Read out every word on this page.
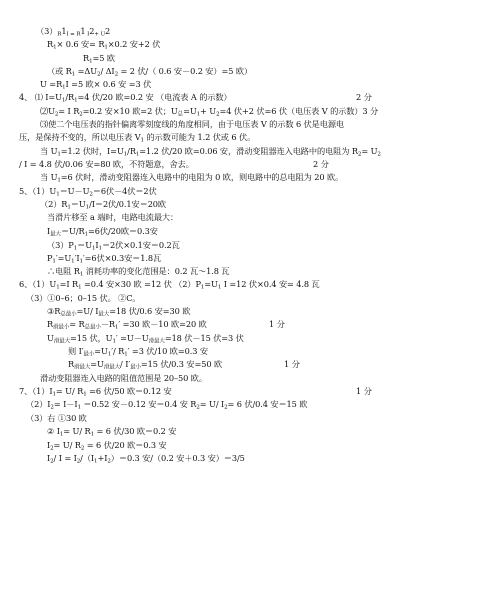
$(3)_R1_{I = R}1$ $_I2_{+ U}2$
$R_1\times 0.6$ 安= $R_1\times 0.2$ 安+2 伏
$R_1=5$ 欧
（或 $R_1 =\Delta U_2/$ $\Delta I_2 = 2$ 伏/（ 0.6 安－0.2 安）=5 欧）
$U =R_1I =5$ 欧× 0.6 安 =3 伏
4、 ⑴ $I=U_1/R_1=4$ 伏/20 欧=0.2 安 （电流表 A 的示数）
$⑵U_2= I$ $R_2=0.2$ 安×10 欧=2 伏；$U_总=U_1+ U_2=4$ 伏+2 伏=6 伏（电压表 V 的示数）3 分
⑶使二个电压表的指针偏离零刻度线的角度相同，由于电压表 V 的示数 6 伏是电源电
压，是保持不变的，所以电压表 $V_1$ 的示数可能为 1.2 伏或 6 伏。
当 $U_1=1.2$ 伏时，$I=U_1/R_1=1.2$ 伏/20 欧=0.06 安，滑动变阻器连入电路中的电阻为 $R_2= U_2$
/ I = 4.8 伏/0.06 安=80 欧，不符题意，舍去。
当 $U_1=6$ 伏时，滑动变阻器连入电路中的电阻为 0 欧，则电路中的总电阻为 20 欧。
5、$(1)U_1=U-U_2=6$伏－4伏＝2伏
$(2)R_1=U_1/I=2$伏/0.1安＝20欧
当滑片移至 a 端时，电路电流最大：
$I_{最大}=U/R_1=6$伏/20欧＝0.3安
$(3)P_1=U_1I_1=2$伏×0.1安＝0.2瓦
$P_1'=U_1'I_1'=6$伏×0.3安＝1.8瓦
∴电阻 $R_1$ 消耗功率的变化范围是：0.2 瓦～1.8 瓦
6、$(1)U_1=I$ $R_1 =0.4$ 安×30 欧 =12 伏 $(2)P_1=U_1$ I =12 伏×0.4 安= 4.8 瓦
（3）①0–6；0–15 伏。 ②C。
$③R_{总最小}=U/$ $I_{最大}=18$ 伏/0.6 安=30 欧
$R_{滑最小}= R_{总最小}-R_1' =30$ 欧－10 欧=20 欧
$U_{滑最大}=15$ 伏，$U_1' =U-U_{滑最大}=18$ 伏－15 伏=3 伏
则 $I'_{最小}=U_1'/$ $R_1' =3$ 伏/10 欧=0.3 安
$R_{滑最大}=U_{滑最大}/$ $I'_{最小}=15$ 伏/0.3 安=50 欧
滑动变阻器连入电路的阻值范围是 20–50 欧。
7、$(1)I_1= U/$ $R_1 =6$ 伏/50 欧＝0.12 安
$(2)I_2= I-I_1 =0.52$ 安－0.12 安＝0.4 安 $R_2= U/$ $I_2= 6$ 伏/0.4 安＝15 欧
（3）右 ①30 欧
② $I_1= U/$ $R_1 = 6$ 伏/30 欧＝0.2 安
$I_2= U/$ $R_2 = 6$ 伏/20 欧＝0.3 安
$I_2/$ $I = I_2/(I_1+I_2)=0.3$ 安/（0.2 安＋0.3 安）＝3/5
2 分
2 分
1 分
1 分
1 分
